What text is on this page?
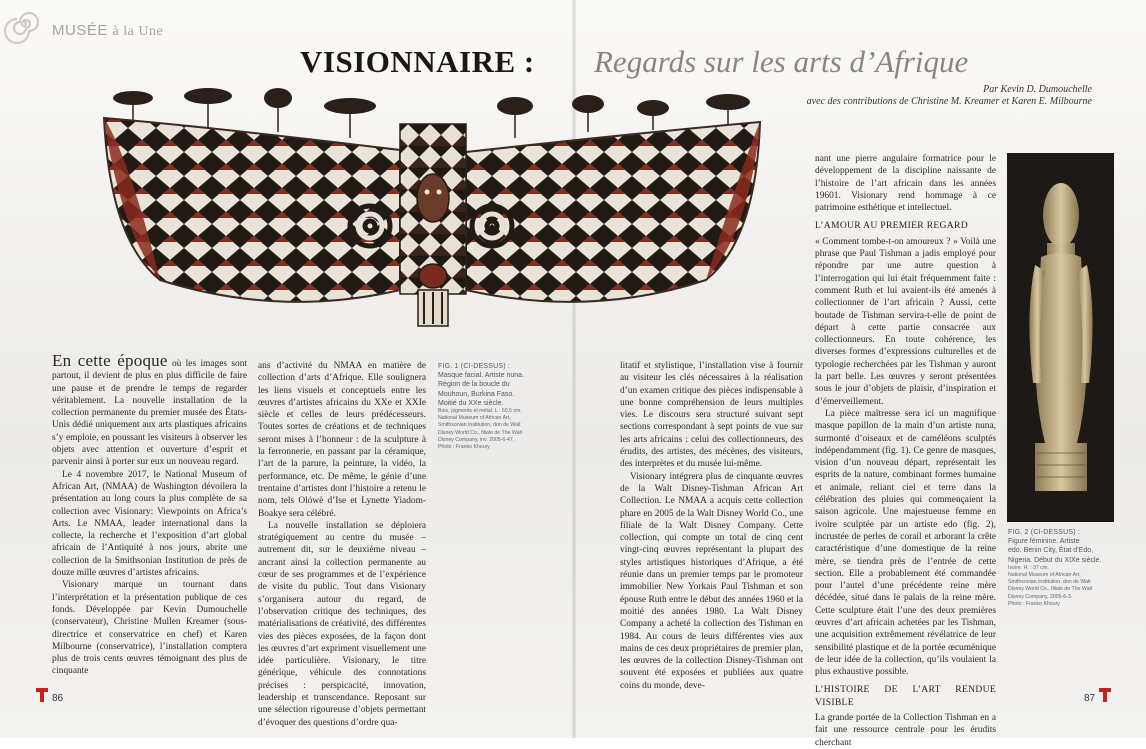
MUSÉE à la Une
VISIONNAIRE : Regards sur les arts d’Afrique
Par Kevin D. Dumouchelle
avec des contributions de Christine M. Kreamer et Karen E. Milbourne

En cette époque où les images sont partout, il devient de plus en plus difficile de faire une pause et de prendre le temps de regarder véritablement. La nouvelle installation de la collection permanente du premier musée des États-Unis dédié uniquement aux arts plastiques africains s’y emploie, en poussant les visiteurs à observer les objets avec attention et ouverture d’esprit et parvenir ainsi à porter sur eux un nouveau regard.

Le 4 novembre 2017, le National Museum of African Art, (NMAA) de Washington dévoilera la présentation au long cours la plus complète de sa collection avec Visionary: Viewpoints on Africa’s Arts. Le NMAA, leader international dans la collecte, la recherche et l’exposition d’art global africain de l’Antiquité à nos jours, abrite une collection de la Smithsonian Institution de près de douze mille œuvres d’artistes africains.

Visionary marque un tournant dans l’interprétation et la présentation publique de ces fonds. Développée par Kevin Dumouchelle (conservateur), Christine Mullen Kreamer (sous-directrice et conservatrice en chef) et Karen Milbourne (conservatrice), l’installation comptera plus de trois cents œuvres témoignant des plus de cinquante

ans d’activité du NMAA en matière de collection d’arts d’Afrique. Elle soulignera les liens visuels et conceptuels entre les œuvres d’artistes africains du XXe et XXIe siècle et celles de leurs prédécesseurs. Toutes sortes de créations et de techniques seront mises à l’honneur : de la sculpture à la ferronnerie, en passant par la céramique, l’art de la parure, la peinture, la vidéo, la performance, etc. De même, le génie d’une trentaine d’artistes dont l’histoire a retenu le nom, tels Olówè d’Ise et Lynette Yiadom-Boakye sera célébré.

La nouvelle installation se déploiera stratégiquement au centre du musée – autrement dit, sur le deuxième niveau – ancrant ainsi la collection permanente au cœur de ses programmes et de l’expérience de visite du public. Tout dans Visionary s’organisera autour du regard, de l’observation critique des techniques, des matérialisations de créativité, des différentes vies des pièces exposées, de la façon dont les œuvres d’art expriment visuellement une idée particulière. Visionary, le titre générique, véhicule des connotations précises : perspicacité, innovation, leadership et transcendance. Reposant sur une sélection rigoureuse d’objets permettant d’évoquer des questions d’ordre qua-

FIG. 1 (CI-DESSUS) :
Masque facial. Artiste nuna.
Région de la boucle du
Mouhoun, Burkina Faso.
Moitié du XXe siècle.
Bois, pigments et métal. L : 60,5 cm.
National Museum of African Art,
Smithsonian Institution, don de Walt
Disney World Co., filiale de The Walt
Disney Company, inv. 2005-6-47.
Photo : Franko Khoury

litatif et stylistique, l’installation vise à fournir au visiteur les clés nécessaires à la réalisation d’un examen critique des pièces indispensable à une bonne compréhension de leurs multiples vies. Le discours sera structuré suivant sept sections correspondant à sept points de vue sur les arts africains : celui des collectionneurs, des érudits, des artistes, des mécènes, des visiteurs, des interprètes et du musée lui-même.

Visionary intégrera plus de cinquante œuvres de la Walt Disney-Tishman African Art Collection. Le NMAA a acquis cette collection phare en 2005 de la Walt Disney World Co., une filiale de la Walt Disney Company. Cette collection, qui compte un total de cinq cent vingt-cinq œuvres représentant la plupart des styles artistiques historiques d’Afrique, a été réunie dans un premier temps par le promoteur immobilier New Yorkais Paul Tishman et son épouse Ruth entre le début des années 1960 et la moitié des années 1980. La Walt Disney Company a acheté la collection des Tishman en 1984. Au cours de leurs différentes vies aux mains de ces deux propriétaires de premier plan, les œuvres de la collection Disney-Tishman ont souvent été exposées et publiées aux quatre coins du monde, deve-

nant une pierre angulaire formatrice pour le développement de la discipline naissante de l’histoire de l’art africain dans les années 19601. Visionary rend hommage à ce patrimoine esthétique et intellectuel.

L’AMOUR AU PREMIER REGARD

« Comment tombe-t-on amoureux ? » Voilà une phrase que Paul Tishman a jadis employé pour répondre par une autre question à l’interrogation qui lui était fréquemment faite : comment Ruth et lui avaient-ils été amenés à collectionner de l’art africain ? Aussi, cette boutade de Tishman servira-t-elle de point de départ à cette partie consacrée aux collectionneurs. En toute cohérence, les diverses formes d’expressions culturelles et de typologie recherchées par les Tishman y auront la part belle. Les œuvres y seront présentées sous le jour d’objets de plaisir, d’inspiration et d’émerveillement.

La pièce maîtresse sera ici un magnifique masque papillon de la main d’un artiste nuna, surmonté d’oiseaux et de caméléons sculptés indépendamment (fig. 1). Ce genre de masques, vision d’un nouveau départ, représentait les esprits de la nature, combinant formes humaine et animale, reliant ciel et terre dans la célébration des pluies qui commençaient la saison agricole. Une majestueuse femme en ivoire sculptée par un artiste edo (fig. 2), incrustée de perles de corail et arborant la crête caractéristique d’une domestique de la reine mère, se tiendra près de l’entrée de cette section. Elle a probablement été commandée pour l’autel d’une précédente reine mère décédée, situé dans le palais de la reine mère. Cette sculpture était l’une des deux premières œuvres d’art africain achetées par les Tishman, une acquisition extrêmement révélatrice de leur sensibilité plastique et de la portée œcuménique de leur idée de la collection, qu’ils voulaient la plus exhaustive possible.

L’HISTOIRE DE L’ART RENDUE VISIBLE

La grande portée de la Collection Tishman en a fait une ressource centrale pour les érudits cherchant

FIG. 2 (CI-DESSUS) :
Figure féminine. Artiste
edo. Benin City, État d’Edo,
Nigeria. Début du XIXe siècle.
Ivoire. H. : 37 cm.
National Museum of African Art,
Smithsonian Institution, don de Walt
Disney World Co., filiale de The Walt
Disney Company, 2005-6-3.
Photo : Franko Khoury
86	87
